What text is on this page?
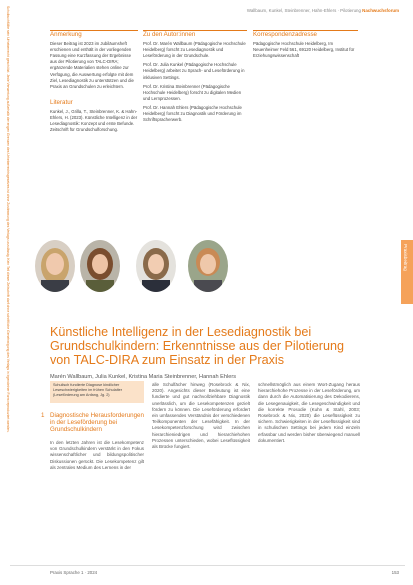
Schulbuchfüllte sein Urheberrecht geschützt. Jede Verwertung außerhalb der engen Grenzen des Urheberrechtsgesetzes ist ohne Zustimmung des Verlags unzulässig. Kein Teil dieser Zeitschrift darf ohne schriftliche Genehmigung des Verlags in irgendeiner Form reproduziert werden.	Wallbaum, Kunkel, Steinbrenner, Hahn-Ehlers · Pilotierung Nachwuchsforum
Anmerkung
Dieser Beitrag ist 2023 im Jubiläumsheft erschienen und enthält in der vorliegenden Fassung eine Kurzfassung der Ergebnisse aus der Pilotierung von TALC-DIRA; ergänzende Materialien stehen online zur Verfügung, die Auswertung erfolgte mit dem Ziel, Lesediagnostik zu unterstützen und die Praxis an Grundschulen zu erleichtern.
Literatur
Kunkel, J., Grilla, T., Steinbrenner, K. & Hahn-Ehlers, H. (2023). Künstliche Intelligenz in der Lesediagnostik: Konzept und erste Befunde. Zeitschrift für Grundschulforschung.
Zu den Autor:innen
Prof. Dr. Marén Wallbaum (Pädagogische Hochschule Heidelberg) forscht zu Lesediagnostik und Leseförderung in der Grundschule.
Prof. Dr. Julia Kunkel (Pädagogische Hochschule Heidelberg) arbeitet zu Sprach- und Leseförderung in inklusiven Settings.
Prof. Dr. Kristina Steinbrenner (Pädagogische Hochschule Heidelberg) forscht zu digitalen Medien und Lernprozessen.
Prof. Dr. Hannah Ehlers (Pädagogische Hochschule Heidelberg) forscht zu Diagnostik und Förderung im Schriftspracherwerb.
Korrespondenzadresse
Pädagogische Hochschule Heidelberg, Im Neuenheimer Feld 561, 69120 Heidelberg, Institut für Erziehungswissenschaft
Praxisbeitrag
Künstliche Intelligenz in der Lesediagnostik bei Grundschulkindern: Erkenntnisse aus der Pilotierung von TALC-DIRA zum Einsatz in der Praxis
Marén Wallbaum, Julia Kunkel, Kristina Maria Steinbrenner, Hannah Ehlers
Schulisch fundierte Diagnose kindlicher Leseschwierigkeiten im frühen Schulalter (Leseförderung am Anfang, Jg. 2)
1 Diagnostische Herausforderungen in der Leseförderung bei Grundschulkindern
In den letzten Jahren ist die Lesekompetenz von Grundschulkindern verstärkt in den Fokus wissenschaftlicher und bildungspolitischer Diskussionen gerückt. Die Lesekompetenz gilt als zentrales Medium des Lernens in der
alle Schulfächer hinweg (Rosebrock & Nix, 2020). Angesichts dieser Bedeutung ist eine fundierte und gut nachvollziehbare Diagnostik unerlässlich, um die Lesekompetenzen gezielt fördern zu können. Die Leseförderung erfordert ein umfassendes Verständnis der verschiedenen Teilkomponenten der Lesefähigkeit. In der Lesekompetenzforschung wird zwischen hierarchieniedrigen und hierarchiehohen Prozessen unterschieden, wobei Leseflüssigkeit als Brücke fungiert.
schnellstmöglich aus einem Wort-Zugang heraus hierarchiehohe Prozesse in der Leseförderung, um dann durch die Automatisierung des Dekodierens, die Lesegenauigkeit, die Lesegeschwindigkeit und die korrekte Prosodie (Kuhn & Stahl, 2003; Rosebrock & Nix, 2020) die Leseflüssigkeit zu sichern. Schwierigkeiten in der Leseflüssigkeit sind in schulischen Settings bei jedem Kind einzeln erfassbar und werden bisher überwiegend manuell dokumentiert.
Praxis Sprache 1 · 2024	153
